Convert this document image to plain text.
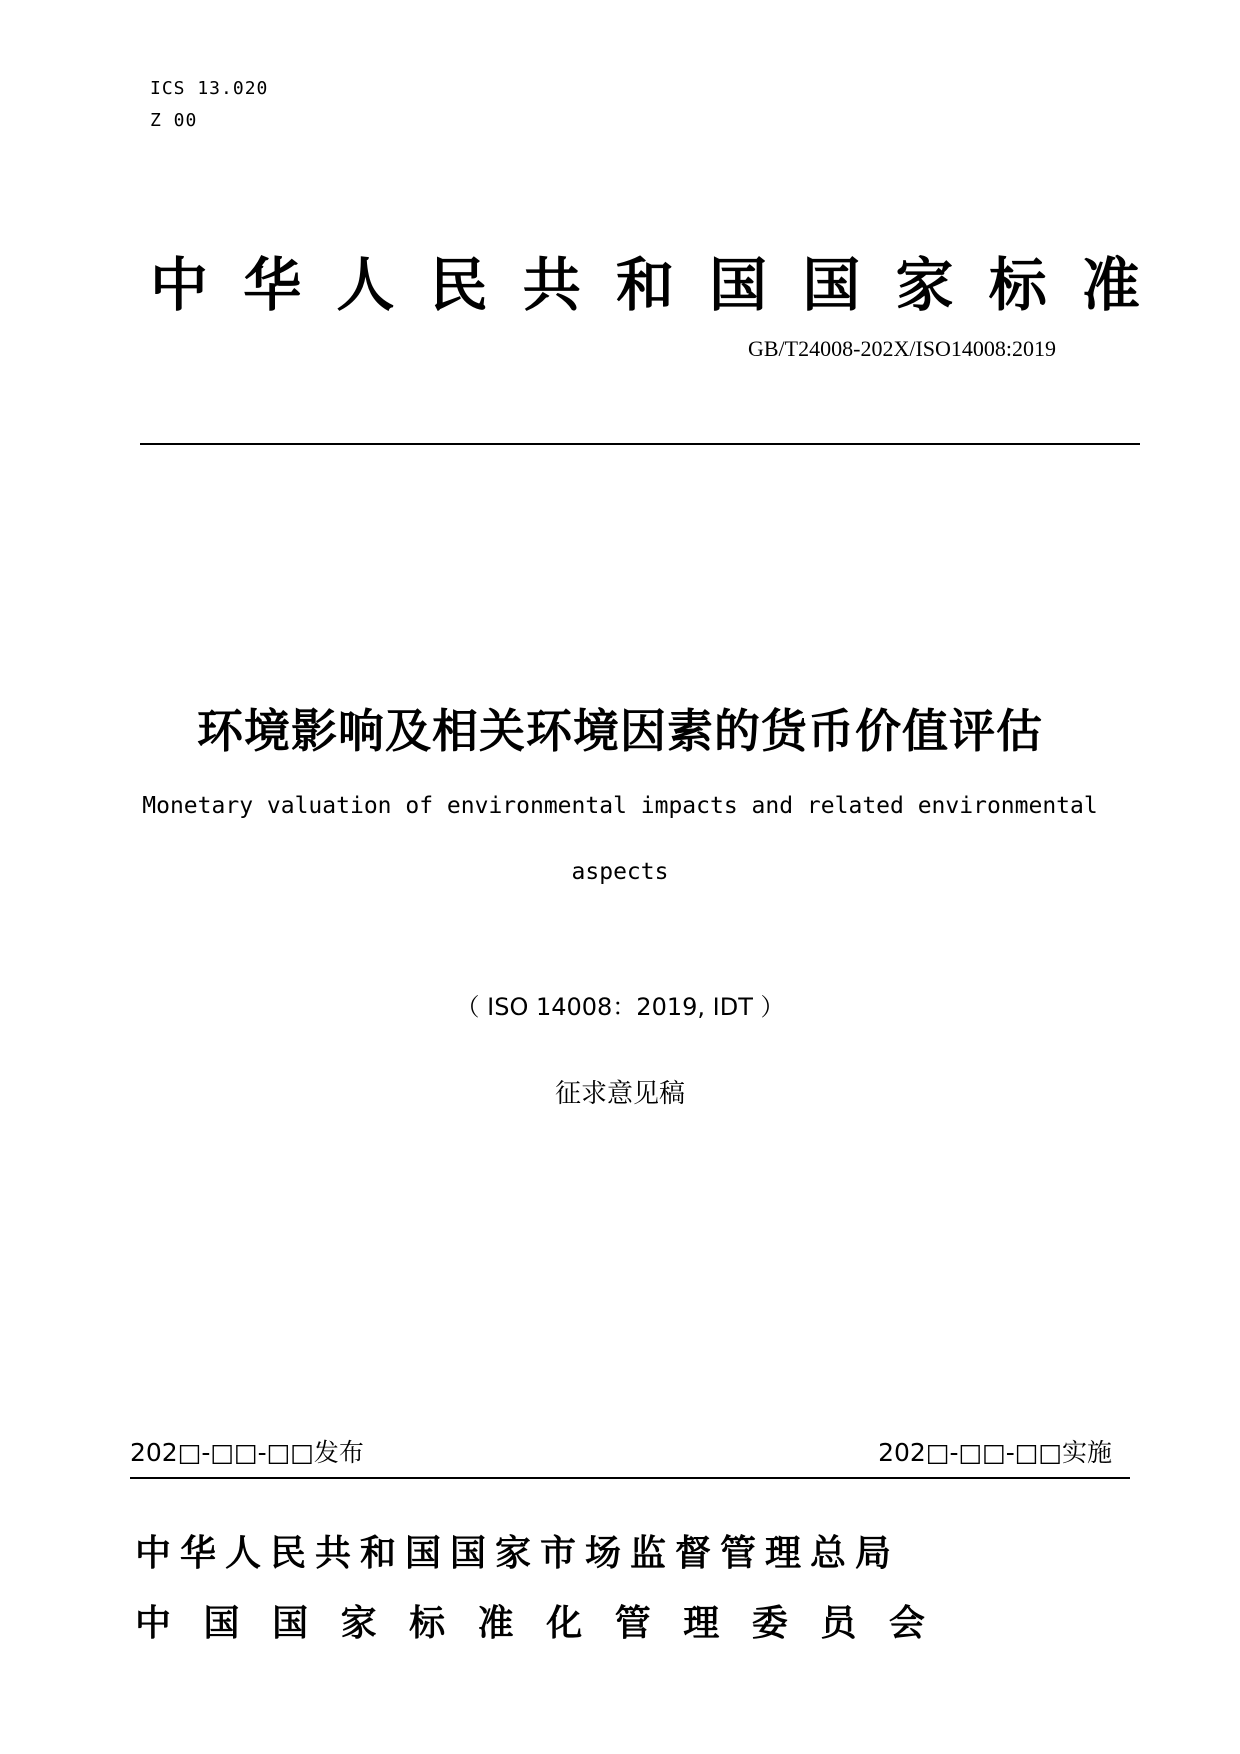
ICS 13.020
Z 00
中 华 人 民 共 和 国 国 家 标 准
GB/T24008-202X/ISO14008:2019
环境影响及相关环境因素的货币价值评估
Monetary valuation of environmental impacts and related environmental
aspects
（ ISO 14008：2019, IDT ）
征求意见稿
202□-□□-□□发布	202□-□□-□□实施
中华人民共和国国家市场监督管理总局
中 国 国 家 标 准 化 管 理 委 员 会
